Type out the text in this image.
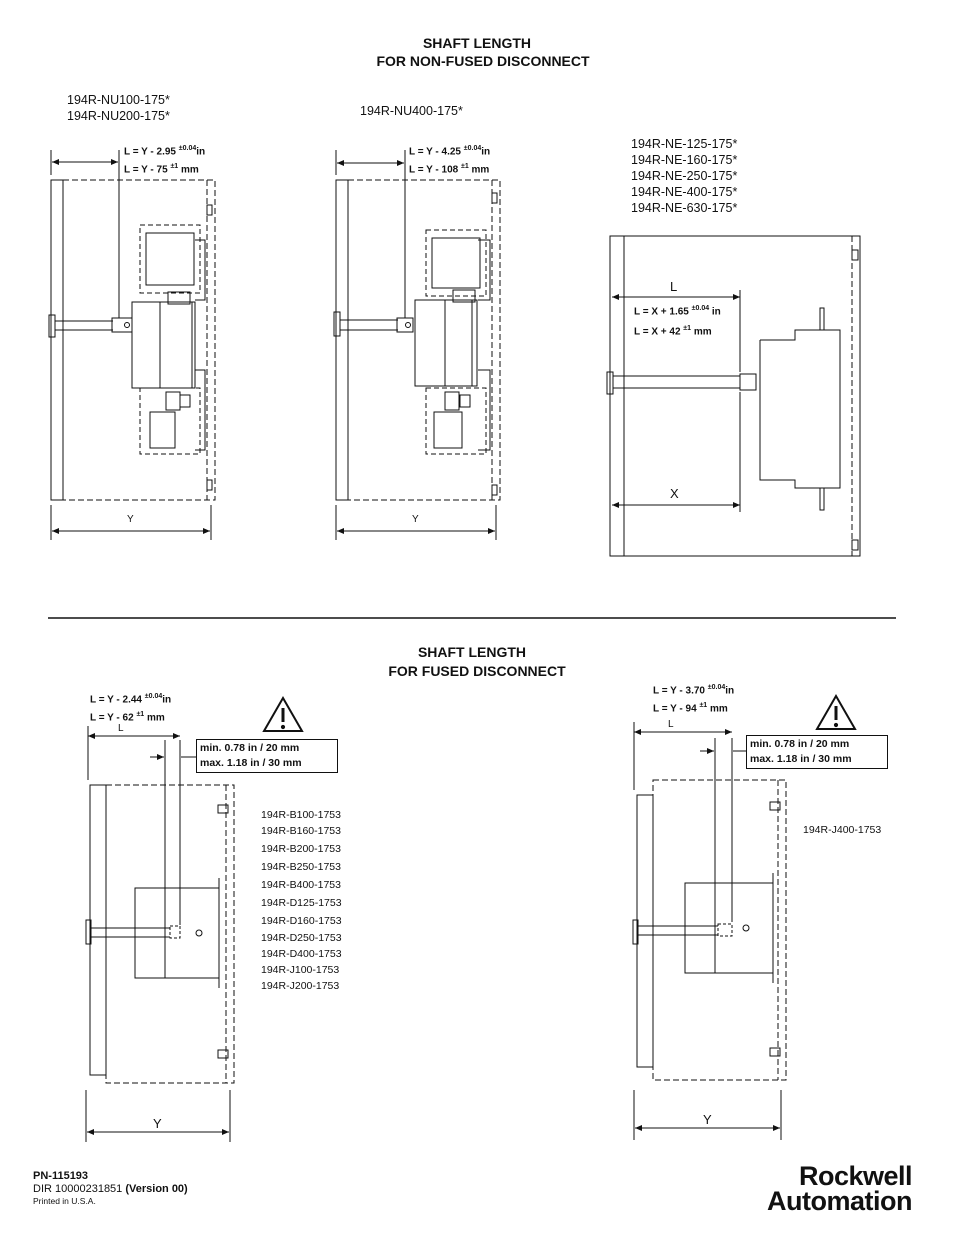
SHAFT LENGTH
FOR NON-FUSED DISCONNECT
194R-NU100-175*
194R-NU200-175*
L = Y - 2.95 $^{\pm 0.04}$in
L = Y - 75 $^{\pm 1}$ mm
Y
194R-NU400-175*
L = Y - 4.25 $^{\pm 0.04}$in
L = Y - 108 $^{\pm 1}$ mm
Y
194R-NE-125-175*
194R-NE-160-175*
194R-NE-250-175*
194R-NE-400-175*
194R-NE-630-175*
L
L = X + 1.65 $^{\pm 0.04}$ in
L = X + 42 $^{\pm 1}$ mm
X
SHAFT LENGTH
FOR FUSED DISCONNECT
L = Y - 2.44 $^{\pm 0.04}$in
L = Y - 62 $^{\pm 1}$ mm
L
min. 0.78 in / 20 mm
max. 1.18 in / 30 mm
194R-B100-1753
194R-B160-1753
194R-B200-1753
194R-B250-1753
194R-B400-1753
194R-D125-1753
194R-D160-1753
194R-D250-1753
194R-D400-1753
194R-J100-1753
194R-J200-1753
Y
L = Y - 3.70 $^{\pm 0.04}$in
L = Y - 94 $^{\pm 1}$ mm
L
min. 0.78 in / 20 mm
max. 1.18 in / 30 mm
194R-J400-1753
Y
PN-115193
DIR 10000231851 (Version 00)
Printed in U.S.A.
Rockwell
Automation
